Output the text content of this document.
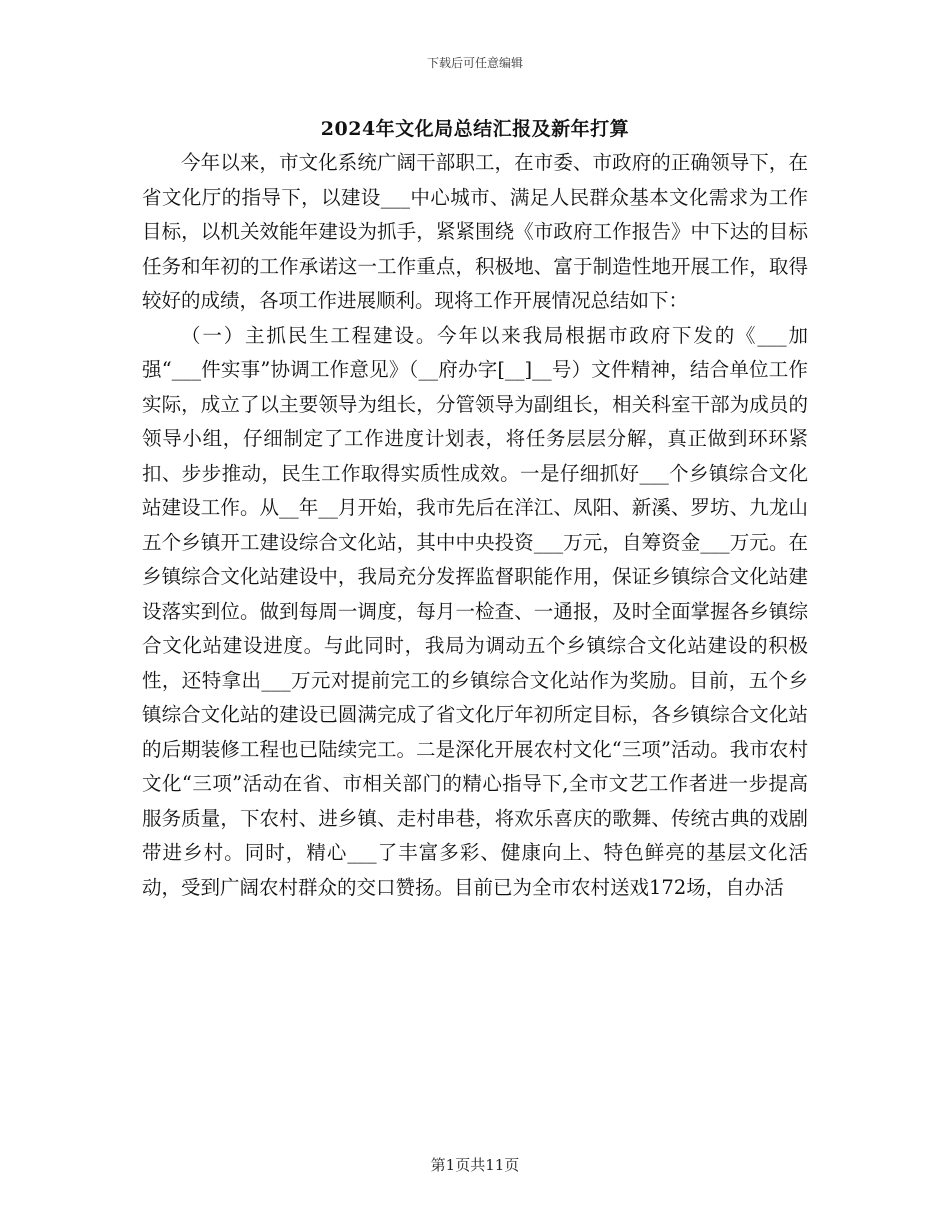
下载后可任意编辑
2024年文化局总结汇报及新年打算

今年以来，市文化系统广阔干部职工，在市委、市政府的正确领导下，在省文化厅的指导下，以建设___中心城市、满足人民群众基本文化需求为工作目标，以机关效能年建设为抓手，紧紧围绕《市政府工作报告》中下达的目标任务和年初的工作承诺这一工作重点，积极地、富于制造性地开展工作，取得较好的成绩，各项工作进展顺利。现将工作开展情况总结如下：

（一）主抓民生工程建设。今年以来我局根据市政府下发的《___加强“___件实事”协调工作意见》（__府办字[__]__号）文件精神，结合单位工作实际，成立了以主要领导为组长，分管领导为副组长，相关科室干部为成员的领导小组，仔细制定了工作进度计划表，将任务层层分解，真正做到环环紧扣、步步推动，民生工作取得实质性成效。一是仔细抓好___个乡镇综合文化站建设工作。从__年__月开始，我市先后在洋江、凤阳、新溪、罗坊、九龙山五个乡镇开工建设综合文化站，其中中央投资___万元，自筹资金___万元。在乡镇综合文化站建设中，我局充分发挥监督职能作用，保证乡镇综合文化站建设落实到位。做到每周一调度，每月一检查、一通报，及时全面掌握各乡镇综合文化站建设进度。与此同时，我局为调动五个乡镇综合文化站建设的积极性，还特拿出___万元对提前完工的乡镇综合文化站作为奖励。目前，五个乡镇综合文化站的建设已圆满完成了省文化厅年初所定目标，各乡镇综合文化站的后期装修工程也已陆续完工。二是深化开展农村文化“三项”活动。我市农村文化“三项”活动在省、市相关部门的精心指导下,全市文艺工作者进一步提高服务质量，下农村、进乡镇、走村串巷，将欢乐喜庆的歌舞、传统古典的戏剧带进乡村。同时，精心___了丰富多彩、健康向上、特色鲜亮的基层文化活动，受到广阔农村群众的交口赞扬。目前已为全市农村送戏172场，自办活

第1页共11页
